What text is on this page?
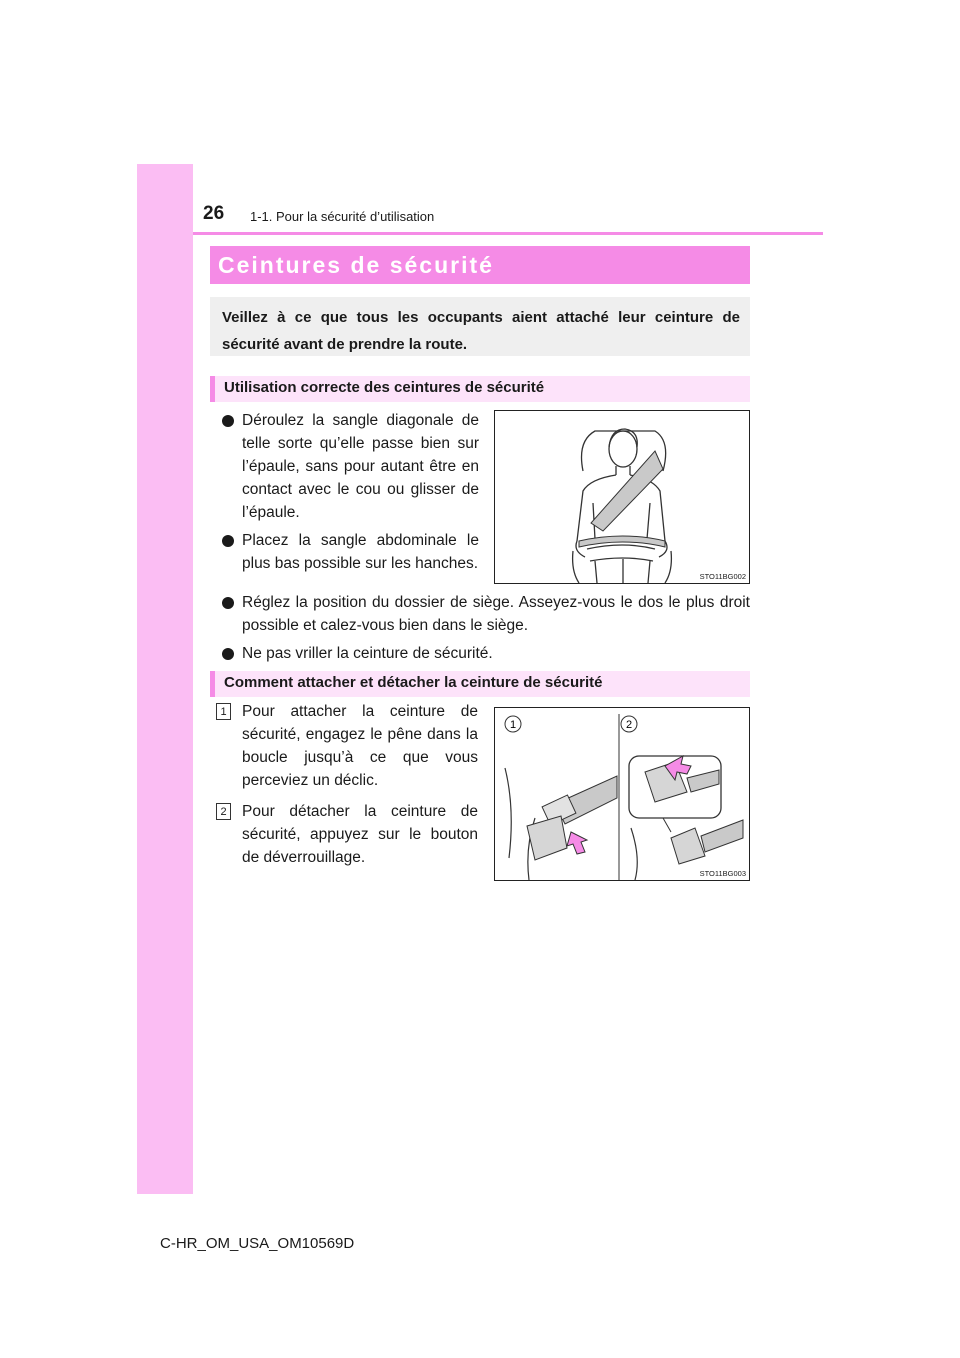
26 1-1. Pour la sécurité d’utilisation
Ceintures de sécurité

Veillez à ce que tous les occupants aient attaché leur ceinture de sécurité avant de prendre la route.

Utilisation correcte des ceintures de sécurité
Déroulez la sangle diagonale de telle sorte qu’elle passe bien sur l’épaule, sans pour autant être en contact avec le cou ou glisser de l’épaule.
Placez la sangle abdominale le plus bas possible sur les hanches.
STO11BG002
Réglez la position du dossier de siège. Asseyez-vous le dos le plus droit possible et calez-vous bien dans le siège.
Ne pas vriller la ceinture de sécurité.
Comment attacher et détacher la ceinture de sécurité
1 Pour attacher la ceinture de sécurité, engagez le pêne dans la boucle jusqu’à ce que vous perceviez un déclic.

2 Pour détacher la ceinture de sécurité, appuyez sur le bouton de déverrouillage.

1	2
STO11BG003
C-HR_OM_USA_OM10569D
